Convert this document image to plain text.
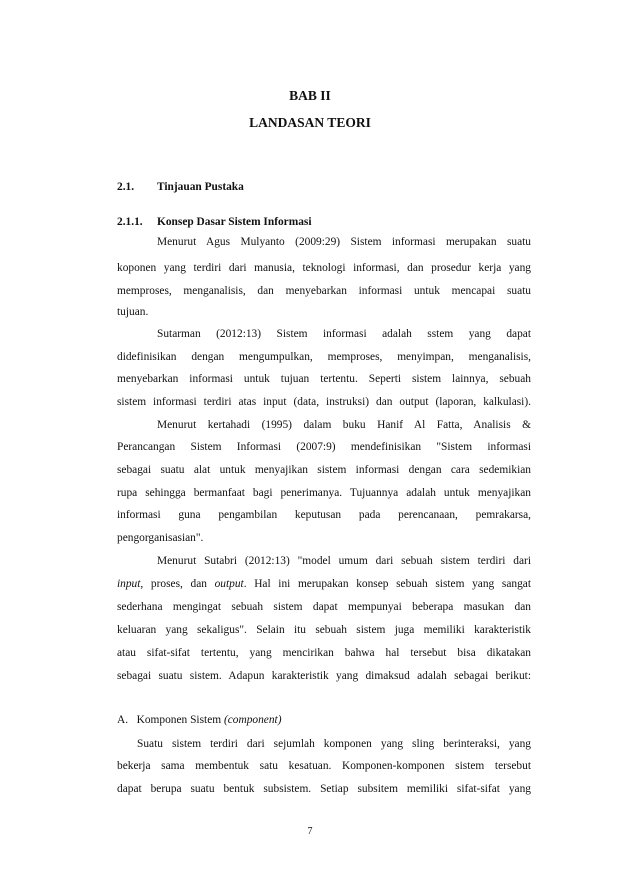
BAB II
LANDASAN TEORI
2.1. Tinjauan Pustaka
2.1.1. Konsep Dasar Sistem Informasi
Menurut Agus Mulyanto (2009:29) Sistem informasi merupakan suatu
koponen yang terdiri dari manusia, teknologi informasi, dan prosedur kerja yang
memproses, menganalisis, dan menyebarkan informasi untuk mencapai suatu
tujuan.
Sutarman (2012:13) Sistem informasi adalah sstem yang dapat
didefinisikan dengan mengumpulkan, memproses, menyimpan, menganalisis,
menyebarkan informasi untuk tujuan tertentu. Seperti sistem lainnya, sebuah
sistem informasi terdiri atas input (data, instruksi) dan output (laporan, kalkulasi).
Menurut kertahadi (1995) dalam buku Hanif Al Fatta, Analisis &
Perancangan Sistem Informasi (2007:9) mendefinisikan "Sistem informasi
sebagai suatu alat untuk menyajikan sistem informasi dengan cara sedemikian
rupa sehingga bermanfaat bagi penerimanya. Tujuannya adalah untuk menyajikan
informasi guna pengambilan keputusan pada perencanaan, pemrakarsa,
pengorganisasian".
Menurut Sutabri (2012:13) "model umum dari sebuah sistem terdiri dari
input, proses, dan output. Hal ini merupakan konsep sebuah sistem yang sangat
sederhana mengingat sebuah sistem dapat mempunyai beberapa masukan dan
keluaran yang sekaligus". Selain itu sebuah sistem juga memiliki karakteristik
atau sifat-sifat tertentu, yang mencirikan bahwa hal tersebut bisa dikatakan
sebagai suatu sistem. Adapun karakteristik yang dimaksud adalah sebagai berikut:
A. Komponen Sistem (component)
Suatu sistem terdiri dari sejumlah komponen yang sling berinteraksi, yang
bekerja sama membentuk satu kesatuan. Komponen-komponen sistem tersebut
dapat berupa suatu bentuk subsistem. Setiap subsitem memiliki sifat-sifat yang
7
